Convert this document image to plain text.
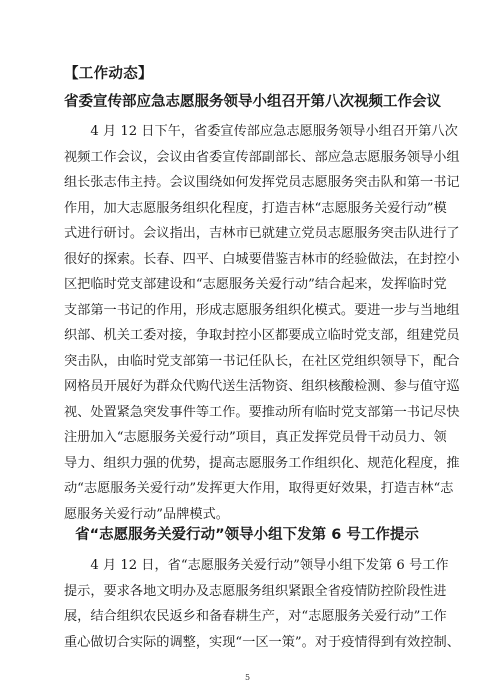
【工作动态】
省委宣传部应急志愿服务领导小组召开第八次视频工作会议
　　4 月 12 日下午，省委宣传部应急志愿服务领导小组召开第八次
视频工作会议，会议由省委宣传部副部长、部应急志愿服务领导小组
组长张志伟主持。会议围绕如何发挥党员志愿服务突击队和第一书记
作用，加大志愿服务组织化程度，打造吉林“志愿服务关爱行动”模
式进行研讨。会议指出，吉林市已就建立党员志愿服务突击队进行了
很好的探索。长春、四平、白城要借鉴吉林市的经验做法，在封控小
区把临时党支部建设和“志愿服务关爱行动”结合起来，发挥临时党
支部第一书记的作用，形成志愿服务组织化模式。要进一步与当地组
织部、机关工委对接，争取封控小区都要成立临时党支部，组建党员
突击队，由临时党支部第一书记任队长，在社区党组织领导下，配合
网格员开展好为群众代购代送生活物资、组织核酸检测、参与值守巡
视、处置紧急突发事件等工作。要推动所有临时党支部第一书记尽快
注册加入“志愿服务关爱行动”项目，真正发挥党员骨干动员力、领
导力、组织力强的优势，提高志愿服务工作组织化、规范化程度，推
动“志愿服务关爱行动”发挥更大作用，取得更好效果，打造吉林“志
愿服务关爱行动”品牌模式。
省“志愿服务关爱行动”领导小组下发第 6 号工作提示
　　4 月 12 日，省“志愿服务关爱行动”领导小组下发第 6 号工作
提示，要求各地文明办及志愿服务组织紧跟全省疫情防控阶段性进
展，结合组织农民返乡和备春耕生产，对“志愿服务关爱行动”工作
重心做切合实际的调整，实现“一区一策”。对于疫情得到有效控制、
5
